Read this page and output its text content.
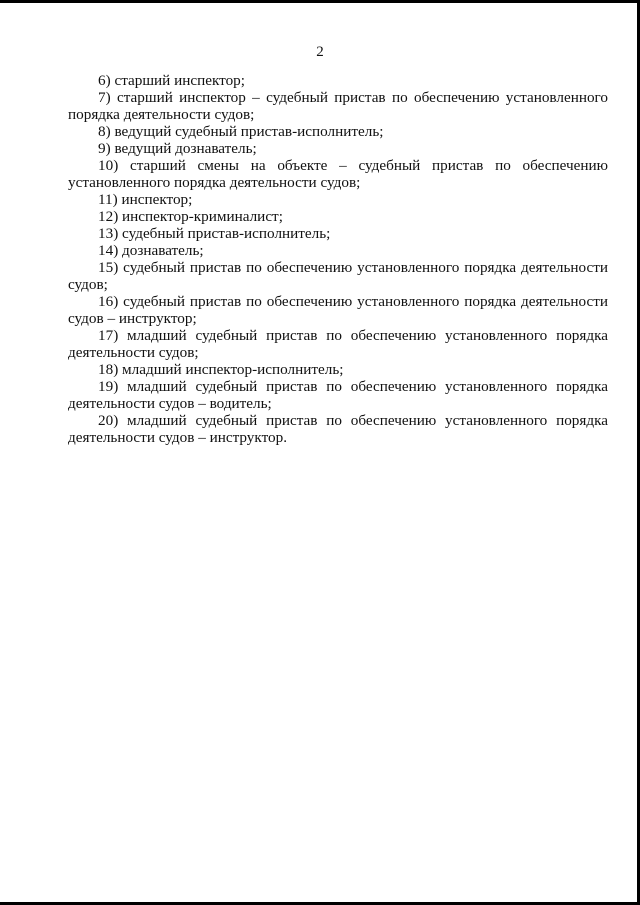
2

6) старший инспектор;

7) старший инспектор – судебный пристав по обеспечению установленного порядка деятельности судов;

8) ведущий судебный пристав-исполнитель;

9) ведущий дознаватель;

10) старший смены на объекте – судебный пристав по обеспечению установленного порядка деятельности судов;

11) инспектор;

12) инспектор-криминалист;

13) судебный пристав-исполнитель;

14) дознаватель;

15) судебный пристав по обеспечению установленного порядка деятельности судов;

16) судебный пристав по обеспечению установленного порядка деятельности судов – инструктор;

17) младший судебный пристав по обеспечению установленного порядка деятельности судов;

18) младший инспектор-исполнитель;

19) младший судебный пристав по обеспечению установленного порядка деятельности судов – водитель;

20) младший судебный пристав по обеспечению установленного порядка деятельности судов – инструктор.
